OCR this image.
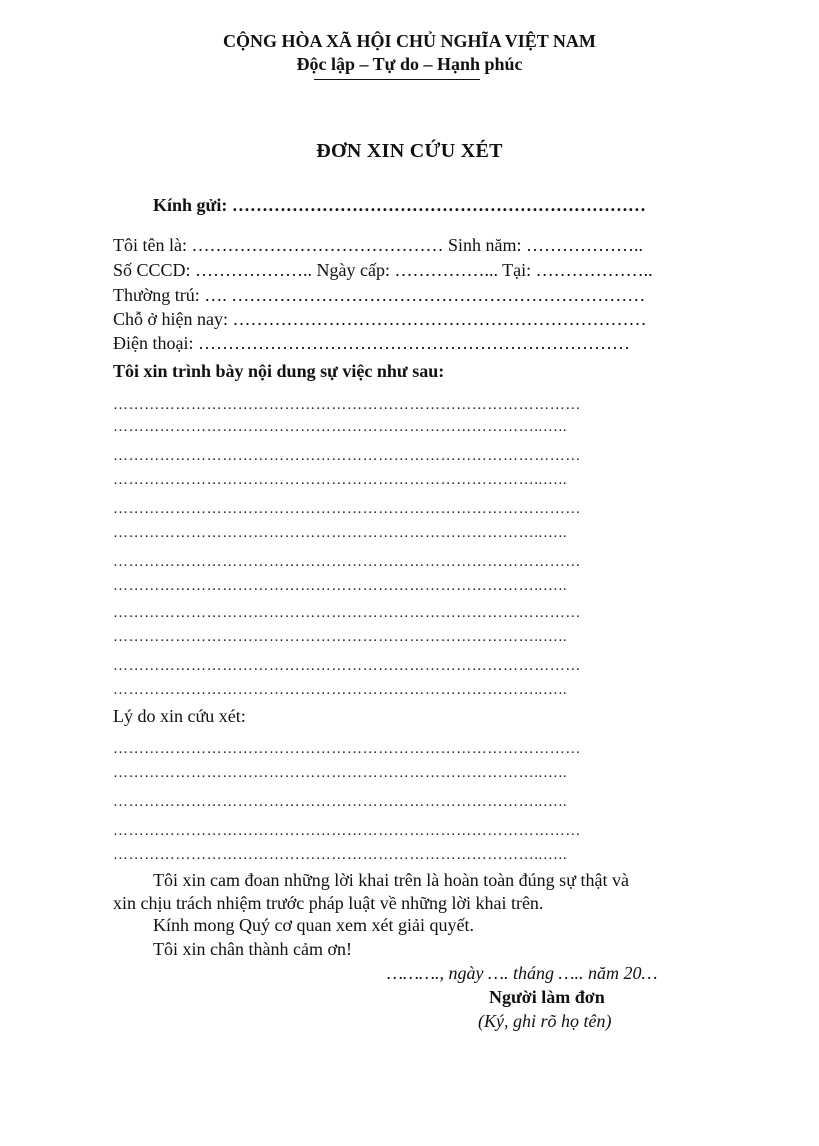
CỘNG HÒA XÃ HỘI CHỦ NGHĨA VIỆT NAM
Độc lập – Tự do – Hạnh phúc
ĐƠN XIN CỨU XÉT
Kính gửi: ……………………………………………………………
Tôi tên là: …………………………………… Sinh năm: ………………..
Số CCCD: ……………….. Ngày cấp: ……………... Tại: ………………..
Thường trú: …. ……………………………………………………………
Chỗ ở hiện nay: ……………………………………………………………
Điện thoại: ………………………………………………………………
Tôi xin trình bày nội dung sự việc như sau:
………………………………………………………………………………
………………………………………………………………………..…..
………………………………………………………………………………
………………………………………………………………………..…..
………………………………………………………………………………
………………………………………………………………………..…..
………………………………………………………………………………
………………………………………………………………………..…..
………………………………………………………………………………
………………………………………………………………………..…..
………………………………………………………………………………
………………………………………………………………………..…..
Lý do xin cứu xét:
………………………………………………………………………………
………………………………………………………………………..…..
………………………………………………………………………..…..
………………………………………………………………………………
………………………………………………………………………..…..
Tôi xin cam đoan những lời khai trên là hoàn toàn đúng sự thật và
xin chịu trách nhiệm trước pháp luật về những lời khai trên.
Kính mong Quý cơ quan xem xét giải quyết.
Tôi xin chân thành cảm ơn!
………., ngày …. tháng ….. năm 20…
Người làm đơn
(Ký, ghi rõ họ tên)
